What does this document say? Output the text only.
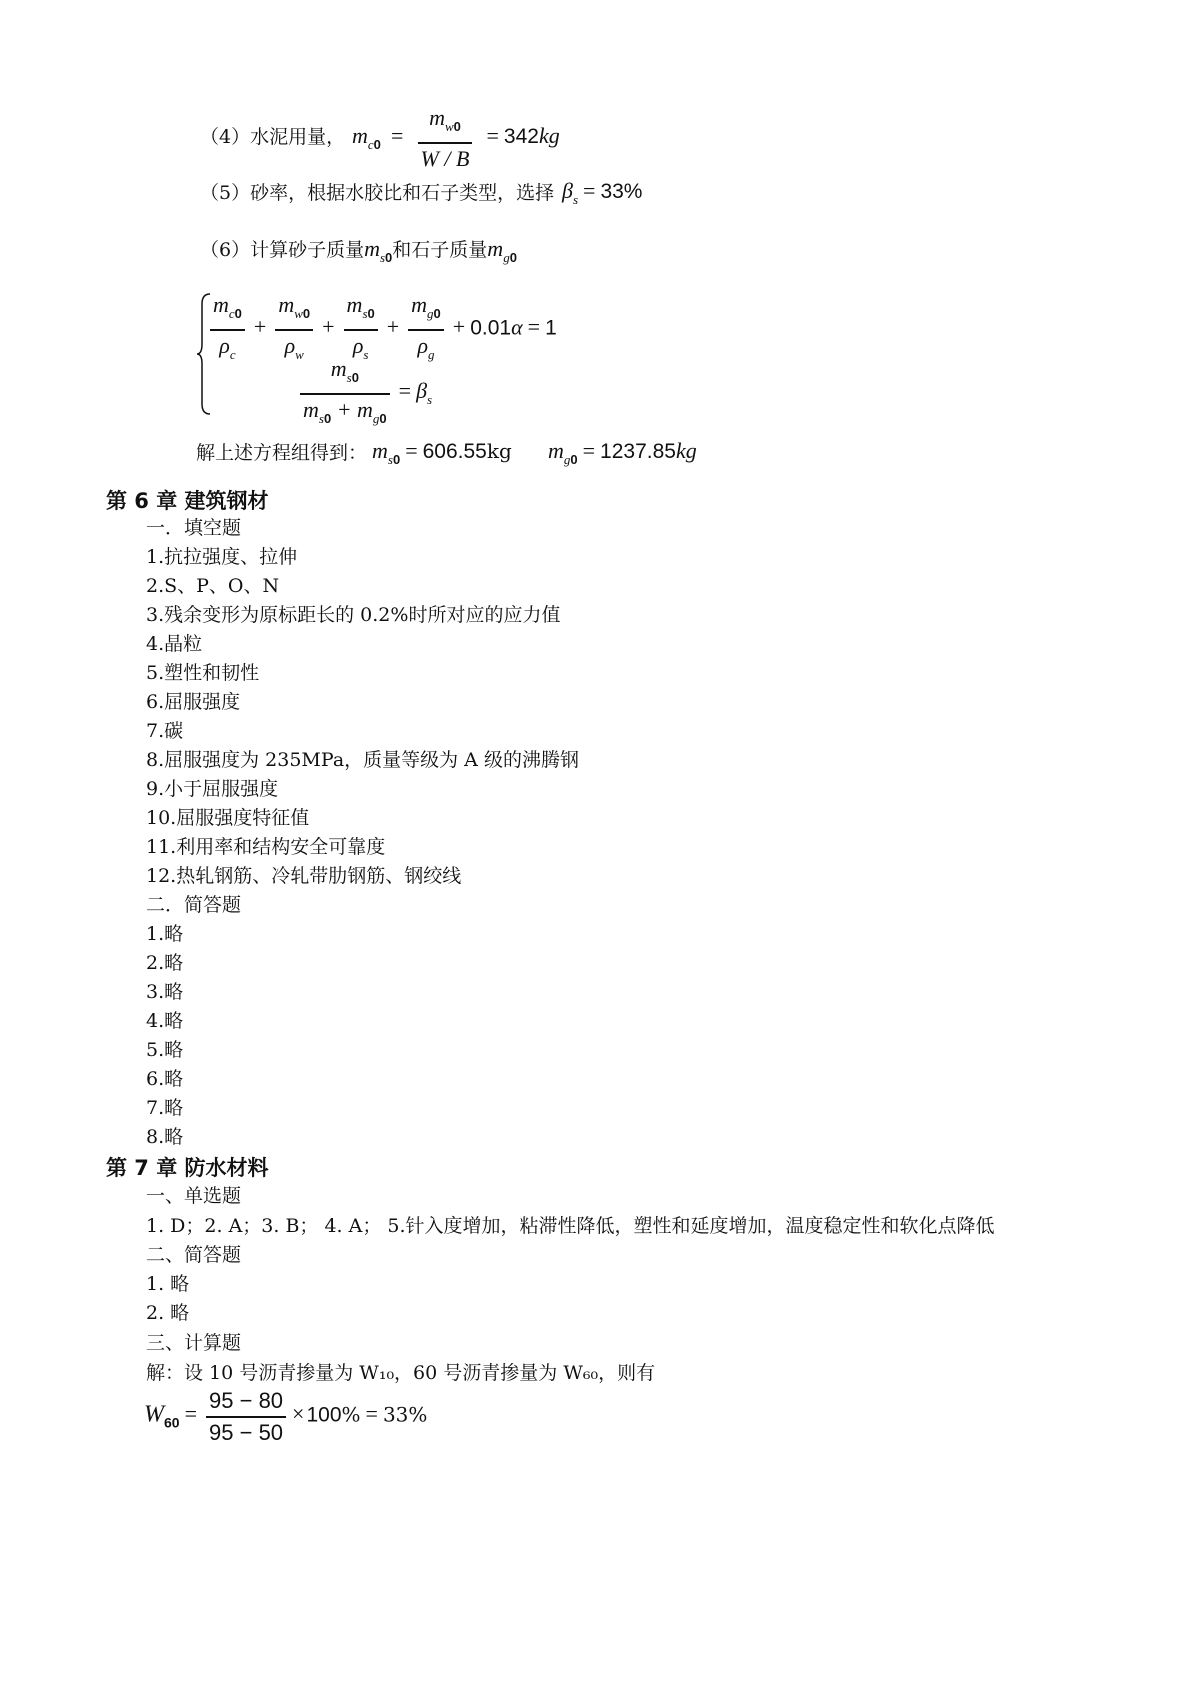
（4）水泥用量， $m_{c0} = \frac{m_{w0}}{W / B} = 342kg$
（5）砂率，根据水胶比和石子类型，选择 $\beta_s = 33\%$
（6）计算砂子质量$m_{s0}$和石子质量$m_{g0}$
$\frac{m_{c0}}{\rho_c} + \frac{m_{w0}}{\rho_w} + \frac{m_{s0}}{\rho_s} + \frac{m_{g0}}{\rho_g} + 0.01\alpha = 1$
$\frac{m_{s0}}{m_{s0} + m_{g0}} = \beta_s$
解上述方程组得到： $m_{s0} = 606.55kg$ $m_{g0} = 1237.85kg$
第 6 章 建筑钢材
一．填空题
1.抗拉强度、拉伸
2.S、P、O、N
3.残余变形为原标距长的 0.2%时所对应的应力值
4.晶粒
5.塑性和韧性
6.屈服强度
7.碳
8.屈服强度为 235MPa，质量等级为 A 级的沸腾钢
9.小于屈服强度
10.屈服强度特征值
11.利用率和结构安全可靠度
12.热轧钢筋、冷轧带肋钢筋、钢绞线
二．简答题
1.略
2.略
3.略
4.略
5.略
6.略
7.略
8.略
第 7 章 防水材料
一、单选题
1. D；2. A；3. B； 4. A； 5.针入度增加，粘滞性降低，塑性和延度增加，温度稳定性和软化点降低
二、简答题
1. 略
2. 略
三、计算题
解：设 10 号沥青掺量为 W₁₀，60 号沥青掺量为 W₆₀，则有
$W60 = \frac{95 - 80}{95 - 50} \times 100\% = 33\%$
